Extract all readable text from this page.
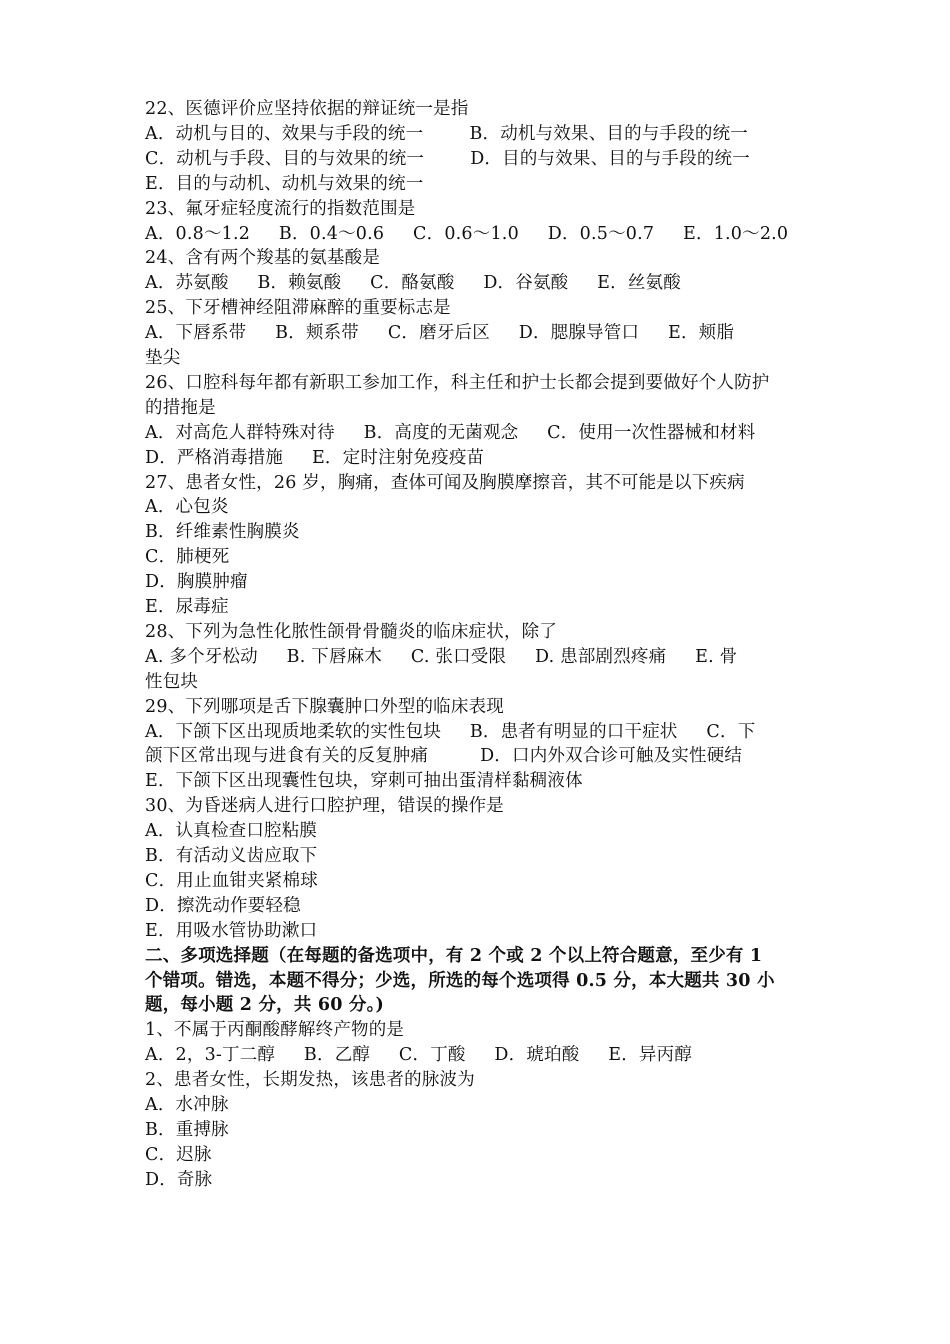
22、医德评价应坚持依据的辩证统一是指
A．动机与目的、效果与手段的统一        B．动机与效果、目的与手段的统一
C．动机与手段、目的与效果的统一        D．目的与效果、目的与手段的统一
E．目的与动机、动机与效果的统一
23、氟牙症轻度流行的指数范围是
A．0.8～1.2     B．0.4～0.6     C．0.6～1.0     D．0.5～0.7     E．1.0～2.0
24、含有两个羧基的氨基酸是
A．苏氨酸     B．赖氨酸     C．酪氨酸     D．谷氨酸     E．丝氨酸
25、下牙槽神经阻滞麻醉的重要标志是
A．下唇系带     B．颊系带     C．磨牙后区     D．腮腺导管口     E．颊脂
垫尖
26、口腔科每年都有新职工参加工作，科主任和护士长都会提到要做好个人防护
的措拖是
A．对高危人群特殊对待     B．高度的无菌观念     C．使用一次性器械和材料
D．严格消毒措施     E．定时注射免疫疫苗
27、患者女性，26 岁，胸痛，查体可闻及胸膜摩擦音，其不可能是以下疾病
A．心包炎
B．纤维素性胸膜炎
C．肺梗死
D．胸膜肿瘤
E．尿毒症
28、下列为急性化脓性颌骨骨髓炎的临床症状，除了
A. 多个牙松动     B. 下唇麻木     C. 张口受限     D. 患部剧烈疼痛     E. 骨
性包块
29、下列哪项是舌下腺囊肿口外型的临床表现
A．下颌下区出现质地柔软的实性包块     B．患者有明显的口干症状     C．下
颌下区常出现与进食有关的反复肿痛         D．口内外双合诊可触及实性硬结
E．下颌下区出现囊性包块，穿刺可抽出蛋清样黏稠液体
30、为昏迷病人进行口腔护理，错误的操作是
A．认真检查口腔粘膜
B．有活动义齿应取下
C．用止血钳夹紧棉球
D．擦洗动作要轻稳
E．用吸水管协助漱口
二、多项选择题（在每题的备选项中，有 2 个或 2 个以上符合题意，至少有 1
个错项。错选，本题不得分；少选，所选的每个选项得 0.5 分，本大题共 30 小
题，每小题 2 分，共 60 分。)
1、不属于丙酮酸酵解终产物的是
A．2，3-丁二醇     B．乙醇     C．丁酸     D．琥珀酸     E．异丙醇
2、患者女性，长期发热，该患者的脉波为
A．水冲脉
B．重搏脉
C．迟脉
D．奇脉
